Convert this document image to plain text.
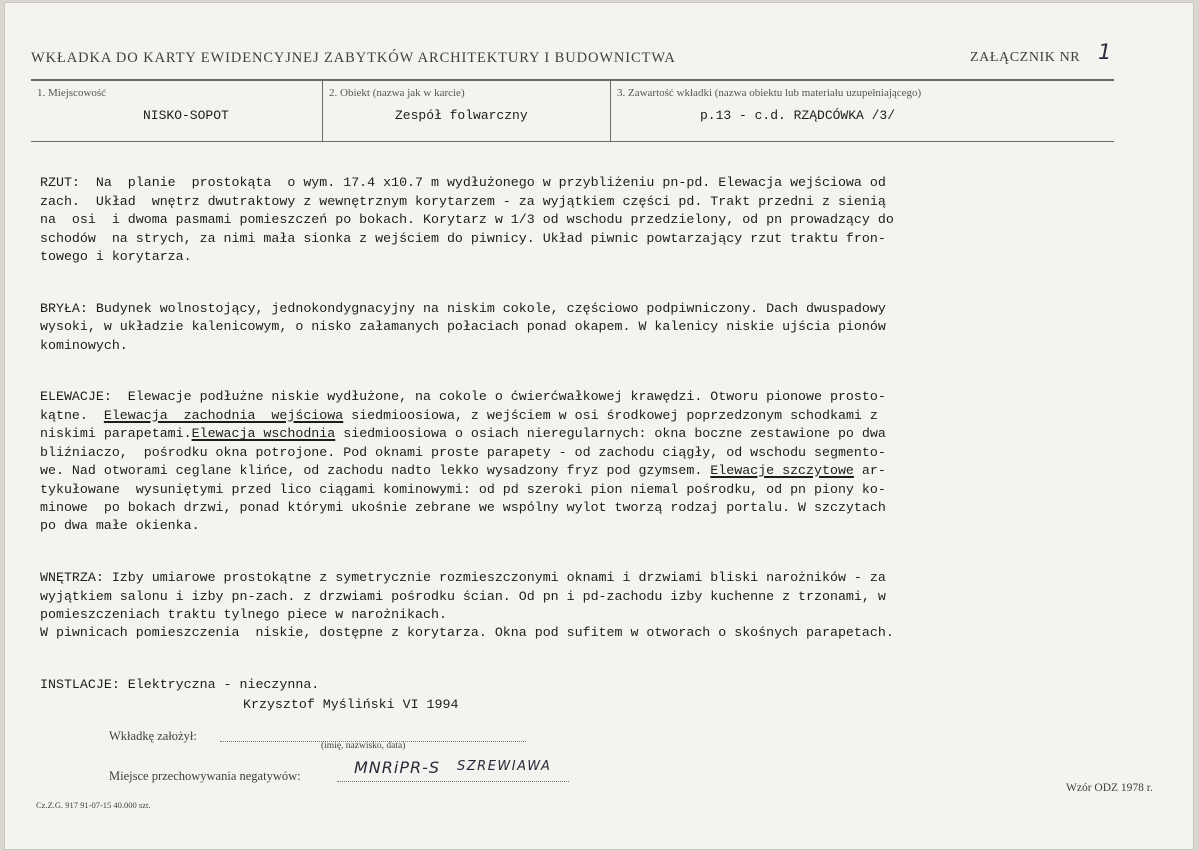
WKŁADKA DO KARTY EWIDENCYJNEJ ZABYTKÓW ARCHITEKTURY I BUDOWNICTWA	ZAŁĄCZNIK NR 1
1. Miejscowość
NISKO-SOPOT
2. Obiekt (nazwa jak w karcie)
Zespół folwarczny
3. Zawartość wkładki (nazwa obiektu lub materiału uzupełniającego)
p.13 - c.d. RZĄDCÓWKA /3/

RZUT:  Na  planie  prostokąta  o wym. 17.4 x10.7 m wydłużonego w przybliżeniu pn-pd. Elewacja wejściowa od
zach.  Układ  wnętrz dwutraktowy z wewnętrznym korytarzem - za wyjątkiem części pd. Trakt przedni z sienią
na  osi  i dwoma pasmami pomieszczeń po bokach. Korytarz w 1/3 od wschodu przedzielony, od pn prowadzący do
schodów  na strych, za nimi mała sionka z wejściem do piwnicy. Układ piwnic powtarzający rzut traktu fron-
towego i korytarza.

BRYŁA: Budynek wolnostojący, jednokondygnacyjny na niskim cokole, częściowo podpiwniczony. Dach dwuspadowy
wysoki, w układzie kalenicowym, o nisko załamanych połaciach ponad okapem. W kalenicy niskie ujścia pionów
kominowych.

ELEWACJE:  Elewacje podłużne niskie wydłużone, na cokole o ćwierćwałkowej krawędzi. Otworu pionowe prosto-
kątne.  Elewacja  zachodnia  wejściowa siedmioosiowa, z wejściem w osi środkowej poprzedzonym schodkami z
niskimi parapetami.Elewacja wschodnia siedmioosiowa o osiach nieregularnych: okna boczne zestawione po dwa
bliźniaczo,  pośrodku okna potrojone. Pod oknami proste parapety - od zachodu ciągły, od wschodu segmento-
we. Nad otworami ceglane klińce, od zachodu nadto lekko wysadzony fryz pod gzymsem. Elewacje szczytowe ar-
tykułowane  wysuniętymi przed lico ciągami kominowymi: od pd szeroki pion niemal pośrodku, od pn piony ko-
minowe  po bokach drzwi, ponad którymi ukośnie zebrane we wspólny wylot tworzą rodzaj portalu. W szczytach
po dwa małe okienka.

WNĘTRZA: Izby umiarowe prostokątne z symetrycznie rozmieszczonymi oknami i drzwiami bliski narożników - za
wyjątkiem salonu i izby pn-zach. z drzwiami pośrodku ścian. Od pn i pd-zachodu izby kuchenne z trzonami, w
pomieszczeniach traktu tylnego piece w narożnikach.
W piwnicach pomieszczenia  niskie, dostępne z korytarza. Okna pod sufitem w otworach o skośnych parapetach.

INSTLACJE: Elektryczna - nieczynna.

Krzysztof Myśliński VI 1994
Wkładkę założył:
(imię, nazwisko, data)
Miejsce przechowywania negatywów:	MNRiPR-S SZREWIAWA
Cz.Z.G. 917 91-07-15 40.000 szt.
Wzór ODZ 1978 r.
